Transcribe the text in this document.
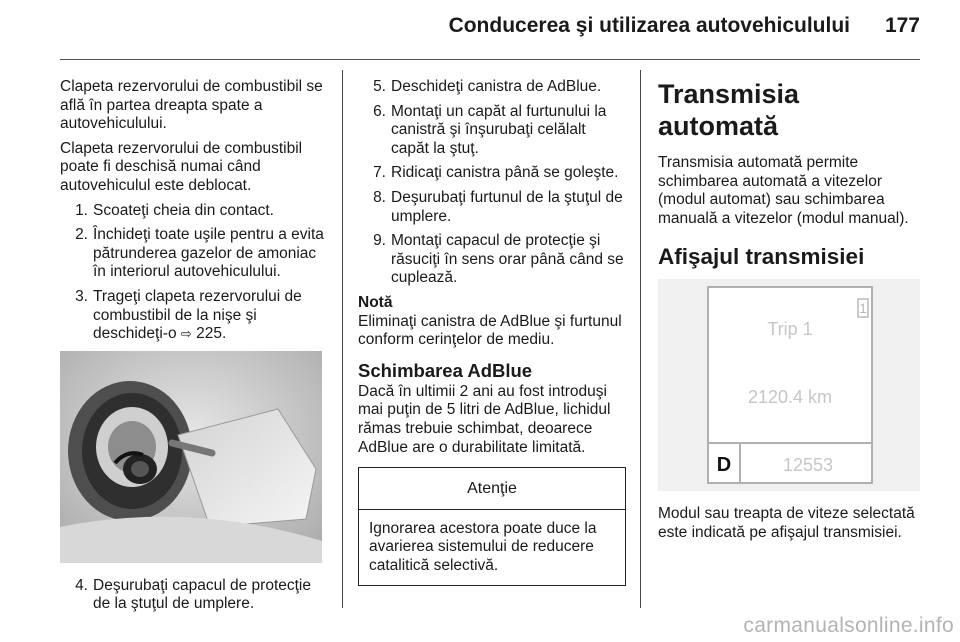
Conducerea şi utilizarea autovehiculului 177

Clapeta rezervorului de combustibil se află în partea dreapta spate a autovehiculului.

Clapeta rezervorului de combustibil poate fi deschisă numai când autovehiculul este deblocat.

1. Scoateţi cheia din contact.
2. Închideţi toate uşile pentru a evita pătrunderea gazelor de amoniac în interiorul autovehiculului.
3. Trageţi clapeta rezervorului de combustibil de la nişe şi deschideţi-o ⇨ 225.
4. Deşurubaţi capacul de protecţie de la ştuţul de umplere.
5. Deschideţi canistra de AdBlue.
6. Montaţi un capăt al furtunului la canistră şi înşurubaţi celălalt capăt la ştuţ.
7. Ridicaţi canistra până se goleşte.
8. Deşurubaţi furtunul de la ştuţul de umplere.
9. Montaţi capacul de protecţie şi răsuciţi în sens orar până când se cuplează.

Notă

Eliminaţi canistra de AdBlue şi furtunul conform cerinţelor de mediu.

Schimbarea AdBlue

Dacă în ultimii 2 ani au fost introduşi mai puţin de 5 litri de AdBlue, lichidul rămas trebuie schimbat, deoarece AdBlue are o durabilitate limitată.

Atenţie
Ignorarea acestora poate duce la avarierea sistemului de reducere catalitică selectivă.
Transmisia automată

Transmisia automată permite schimbarea automată a vitezelor (modul automat) sau schimbarea manuală a vitezelor (modul manual).

Afişajul transmisiei
1
Trip 1
2120.4 km
D	12553

Modul sau treapta de viteze selectată este indicată pe afişajul transmisiei.

carmanualsonline.info
